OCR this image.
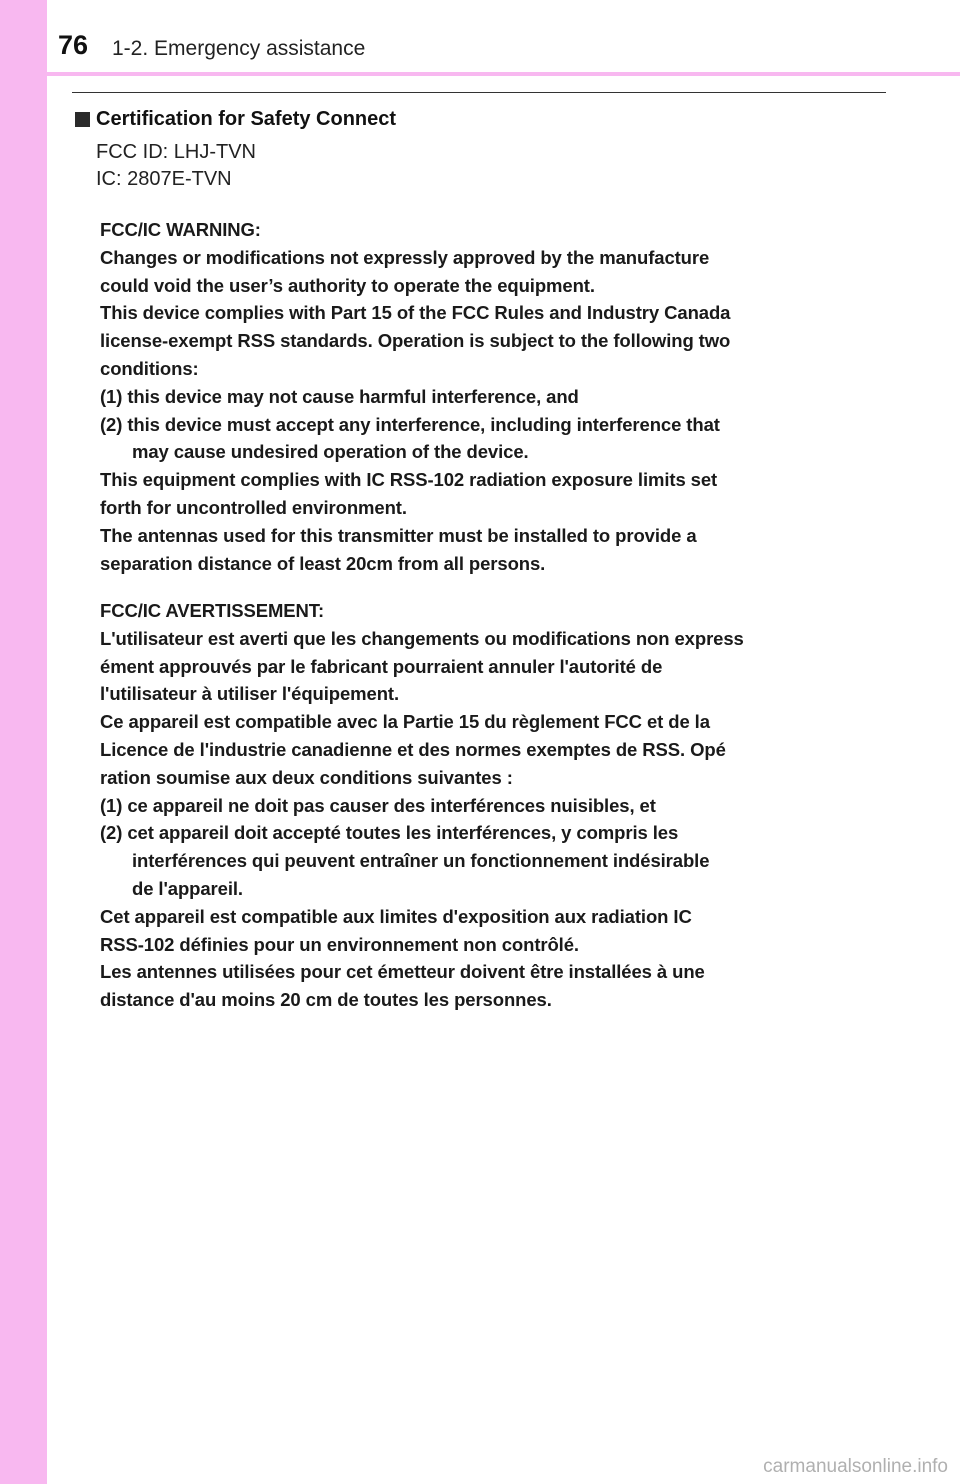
76 1-2. Emergency assistance
Certification for Safety Connect
FCC ID: LHJ-TVN
IC: 2807E-TVN
FCC/IC WARNING:
Changes or modifications not expressly approved by the manufacture
could void the user’s authority to operate the equipment.
This device complies with Part 15 of the FCC Rules and Industry Canada
license-exempt RSS standards. Operation is subject to the following two
conditions:
(1) this device may not cause harmful interference, and
(2) this device must accept any interference, including interference that
may cause undesired operation of the device.
This equipment complies with IC RSS-102 radiation exposure limits set
forth for uncontrolled environment.
The antennas used for this transmitter must be installed to provide a
separation distance of least 20cm from all persons.
FCC/IC AVERTISSEMENT:
L'utilisateur est averti que les changements ou modifications non express
ément approuvés par le fabricant pourraient annuler l'autorité de
l'utilisateur à utiliser l'équipement.
Ce appareil est compatible avec la Partie 15 du règlement FCC et de la
Licence de l'industrie canadienne et des normes exemptes de RSS. Opé
ration soumise aux deux conditions suivantes :
(1) ce appareil ne doit pas causer des interférences nuisibles, et
(2) cet appareil doit accepté toutes les interférences, y compris les
interférences qui peuvent entraîner un fonctionnement indésirable
de l'appareil.
Cet appareil est compatible aux limites d'exposition aux radiation IC
RSS-102 définies pour un environnement non contrôlé.
Les antennes utilisées pour cet émetteur doivent être installées à une
distance d'au moins 20 cm de toutes les personnes.
carmanualsonline.info
